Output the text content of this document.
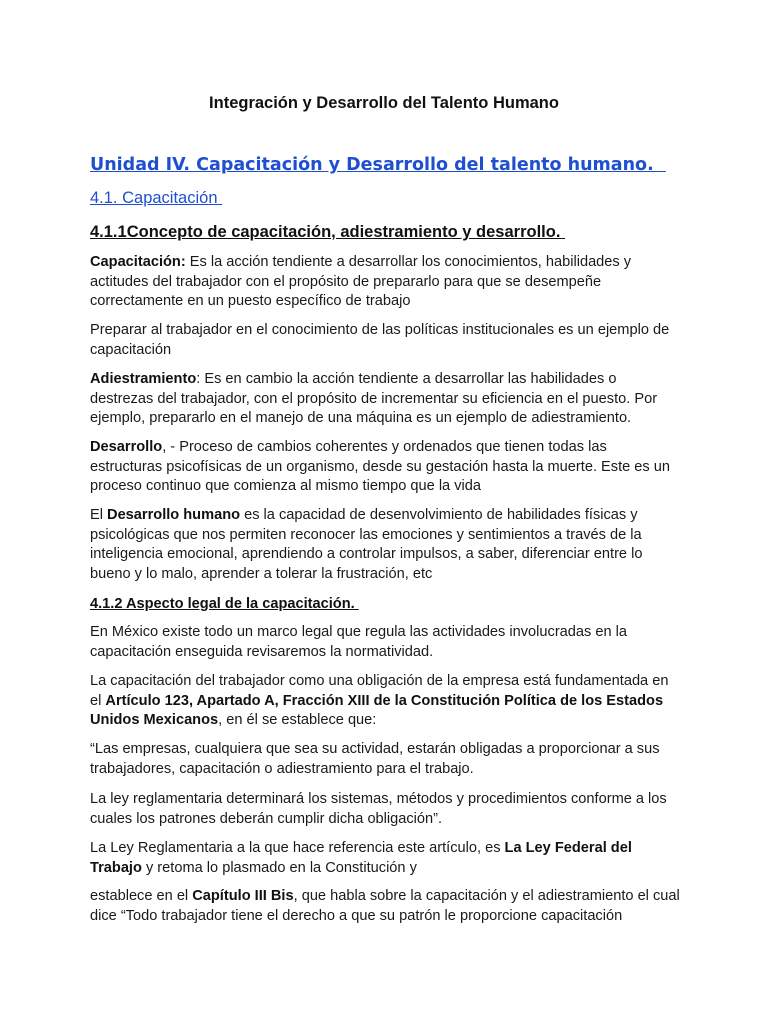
Integración y Desarrollo del Talento Humano
Unidad IV. Capacitación y Desarrollo del talento humano.
4.1. Capacitación
4.1.1Concepto de capacitación, adiestramiento y desarrollo.
Capacitación: Es la acción tendiente a desarrollar los conocimientos, habilidades y actitudes del trabajador con el propósito de prepararlo para que se desempeñe correctamente en un puesto específico de trabajo
Preparar al trabajador en el conocimiento de las políticas institucionales es un ejemplo de capacitación
Adiestramiento: Es en cambio la acción tendiente a desarrollar las habilidades o destrezas del trabajador, con el propósito de incrementar su eficiencia en el puesto. Por ejemplo, prepararlo en el manejo de una máquina es un ejemplo de adiestramiento.
Desarrollo, - Proceso de cambios coherentes y ordenados que tienen todas las estructuras psicofísicas de un organismo, desde su gestación hasta la muerte. Este es un proceso continuo que comienza al mismo tiempo que la vida
El Desarrollo humano es la capacidad de desenvolvimiento de habilidades físicas y psicológicas que nos permiten reconocer las emociones y sentimientos a través de la inteligencia emocional, aprendiendo a controlar impulsos, a saber, diferenciar entre lo bueno y lo malo, aprender a tolerar la frustración, etc
4.1.2 Aspecto legal de la capacitación.
En México existe todo un marco legal que regula las actividades involucradas en la capacitación enseguida revisaremos la normatividad.
La capacitación del trabajador como una obligación de la empresa está fundamentada en el Artículo 123, Apartado A, Fracción XIII de la Constitución Política de los Estados Unidos Mexicanos, en él se establece que:
“Las empresas, cualquiera que sea su actividad, estarán obligadas a proporcionar a sus trabajadores, capacitación o adiestramiento para el trabajo.
La ley reglamentaria determinará los sistemas, métodos y procedimientos conforme a los cuales los patrones deberán cumplir dicha obligación”.
La Ley Reglamentaria a la que hace referencia este artículo, es La Ley Federal del Trabajo y retoma lo plasmado en la Constitución y
establece en el Capítulo III Bis, que habla sobre la capacitación y el adiestramiento el cual dice “Todo trabajador tiene el derecho a que su patrón le proporcione capacitación
